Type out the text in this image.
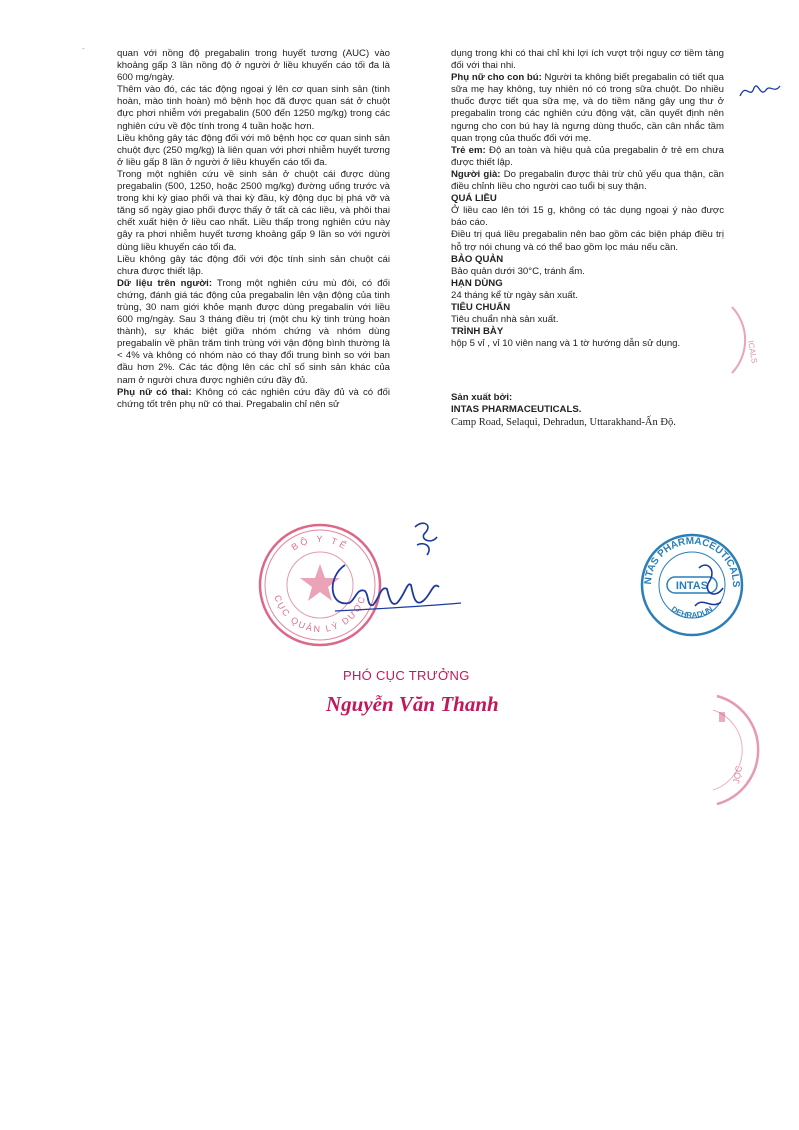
-	quan với nồng độ pregabalin trong huyết tương (AUC) vào khoảng gấp 3 lần nồng độ ở người ở liều khuyến cáo tối đa là 600 mg/ngày.

Thêm vào đó, các tác động ngoại ý lên cơ quan sinh sản (tinh hoàn, mào tinh hoàn) mô bệnh học đã được quan sát ở chuột đực phơi nhiễm với pregabalin (500 đến 1250 mg/kg) trong các nghiên cứu về độc tính trong 4 tuần hoặc hơn.

Liều không gây tác động đối với mô bệnh học cơ quan sinh sản chuột đực (250 mg/kg) là liên quan với phơi nhiễm huyết tương ở liều gấp 8 lần ở người ở liều khuyến cáo tối đa.

Trong một nghiên cứu về sinh sản ở chuột cái được dùng pregabalin (500, 1250, hoặc 2500 mg/kg) đường uống trước và trong khi kỳ giao phối và thai kỳ đầu, kỳ động dục bị phá vỡ và tăng số ngày giao phối được thấy ở tất cả các liều, và phôi thai chết xuất hiện ở liều cao nhất. Liều thấp trong nghiên cứu này gây ra phơi nhiễm huyết tương khoảng gấp 9 lần so với người dùng liều khuyến cáo tối đa.

Liều không gây tác động đối với độc tính sinh sản chuột cái chưa được thiết lập.

Dữ liệu trên người: Trong một nghiên cứu mù đôi, có đối chứng, đánh giá tác động của pregabalin lên vận động của tinh trùng, 30 nam giới khỏe mạnh được dùng pregabalin với liều 600 mg/ngày. Sau 3 tháng điều trị (một chu kỳ tinh trùng hoàn thành), sự khác biệt giữa nhóm chứng và nhóm dùng pregabalin về phần trăm tinh trùng với vận động bình thường là < 4% và không có nhóm nào có thay đổi trung bình so với ban đầu hơn 2%. Các tác động lên các chỉ số sinh sản khác của nam ở người chưa được nghiên cứu đầy đủ.

Phụ nữ có thai: Không có các nghiên cứu đầy đủ và có đối chứng tốt trên phụ nữ có thai. Pregabalin chỉ nên sử

dụng trong khi có thai chỉ khi lợi ích vượt trội nguy cơ tiềm tàng đối với thai nhi.

Phụ nữ cho con bú: Người ta không biết pregabalin có tiết qua sữa mẹ hay không, tuy nhiên nó có trong sữa chuột. Do nhiều thuốc được tiết qua sữa mẹ, và do tiềm năng gây ung thư ở pregabalin trong các nghiên cứu động vật, cần quyết định nên ngưng cho con bú hay là ngưng dùng thuốc, cần cân nhắc tầm quan trọng của thuốc đối với mẹ.

Trẻ em: Độ an toàn và hiệu quả của pregabalin ở trẻ em chưa được thiết lập.

Người già: Do pregabalin được thải trừ chủ yếu qua thận, cần điều chỉnh liều cho người cao tuổi bị suy thận.

QUÁ LIỀU

Ở liều cao lên tới 15 g, không có tác dụng ngoại ý nào được báo cáo.

Điều trị quá liều pregabalin nên bao gồm các biện pháp điều trị hỗ trợ nói chung và có thể bao gồm lọc máu nếu cần.

BẢO QUẢN

Bảo quản dưới 30°C, tránh ẩm.

HẠN DÙNG

24 tháng kể từ ngày sản xuất.

TIÊU CHUẨN

Tiêu chuẩn nhà sản xuất.

TRÌNH BÀY

hộp 5 vỉ , vỉ 10 viên nang và 1 tờ hướng dẫn sử dụng.

Sản xuất bởi:

INTAS PHARMACEUTICALS.

Camp Road, Selaqui, Dehradun, Uttarakhand-Ấn Độ.

BỘ Y TẾ
CỤC QUẢN LÝ DƯỢC
NTAS PHARMACEUTICALS
DEHRADUN
INTAS
ICALS
JỌC
PHÓ CỤC TRƯỞNG
Nguyễn Văn Thanh
